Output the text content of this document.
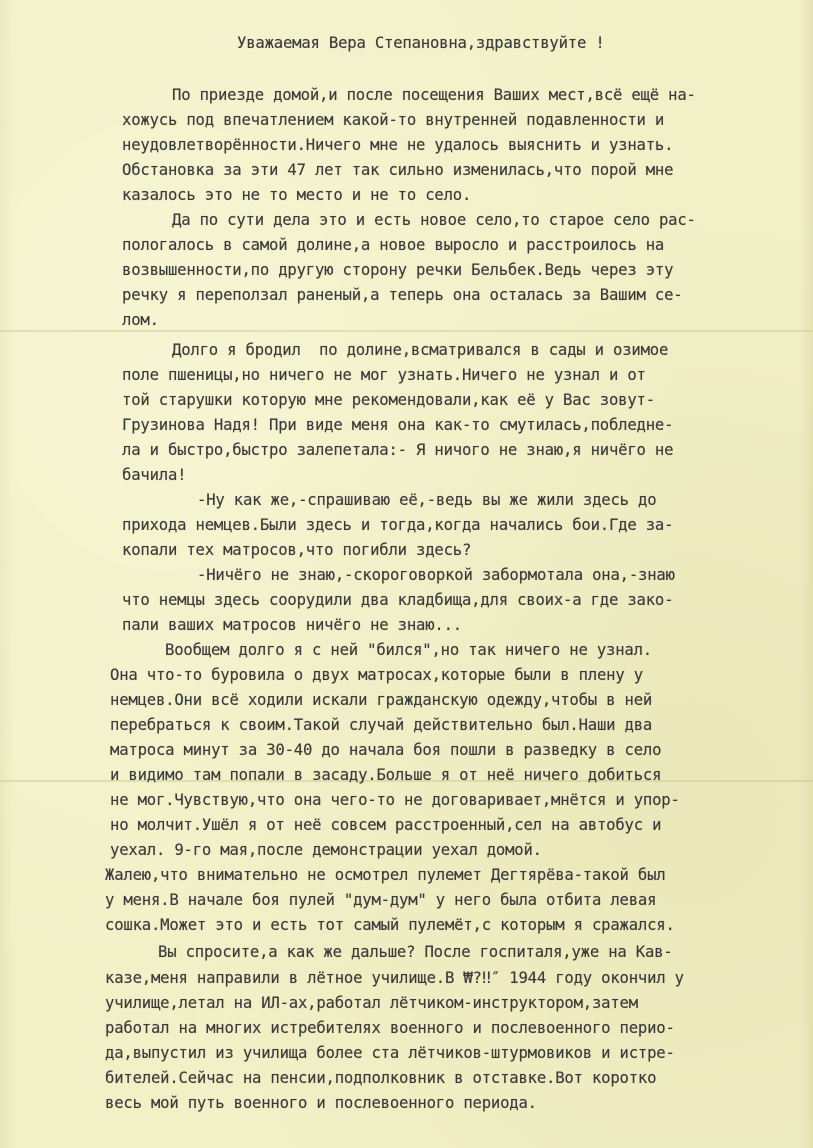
Уважаемая Вера Степановна,здравствуйте !
По приезде домой,и после посещения Ваших мест,всё ещё на-
хожусь под впечатлением какой-то внутренней подавленности и
неудовлетворённости.Ничего мне не удалось выяснить и узнать.
Обстановка за эти 47 лет так сильно изменилась,что порой мне
казалось это не то место и не то село.
Да по сути дела это и есть новое село,то старое село рас-
пологалось в самой долине,а новое выросло и расстроилось на
возвышенности,по другую сторону речки Бельбек.Ведь через эту
речку я переползал раненый,а теперь она осталась за Вашим се-
лом.
Долго я бродил  по долине,всматривался в сады и озимое
поле пшеницы,но ничего не мог узнать.Ничего не узнал и от
той старушки которую мне рекомендовали,как её у Вас зовут-
Грузинова Надя! При виде меня она как-то смутилась,побледне-
ла и быстро,быстро залепетала:- Я ничого не знаю,я ничёго не
бачила!
-Ну как же,-спрашиваю её,-ведь вы же жили здесь до
прихода немцев.Были здесь и тогда,когда начались бои.Где за-
копали тех матросов,что погибли здесь?
-Ничёго не знаю,-скороговоркой забормотала она,-знаю
что немцы здесь соорудили два кладбища,для своих-а где зако-
пали ваших матросов ничёго не знаю...
Вообщем долго я с ней "бился",но так ничего не узнал.
Она что-то буровила о двух матросах,которые были в плену у
немцев.Они всё ходили искали гражданскую одежду,чтобы в ней
перебраться к своим.Такой случай действительно был.Наши два
матроса минут за 30-40 до начала боя пошли в разведку в село
и видимо там попали в засаду.Больше я от неё ничего добиться
не мог.Чувствую,что она чего-то не договаривает,мнётся и упор-
но молчит.Ушёл я от неё совсем расстроенный,сел на автобус и
уехал. 9-го мая,после демонстрации уехал домой.
Жалею,что внимательно не осмотрел пулемет Дегтярёва-такой был
у меня.В начале боя пулей "дум-дум" у него была отбита левая
сошка.Может это и есть тот самый пулемёт,с которым я сражался.
Вы спросите,а как же дальше? После госпиталя,уже на Кав-
казе,меня направили в лётное училище.В ₩?‼″ 1944 году окончил у
училище,летал на ИЛ-ах,работал лётчиком-инструктором,затем
работал на многих истребителях военного и послевоенного перио-
да,выпустил из училища более ста лётчиков-штурмовиков и истре-
бителей.Сейчас на пенсии,подполковник в отставке.Вот коротко
весь мой путь военного и послевоенного периода.
